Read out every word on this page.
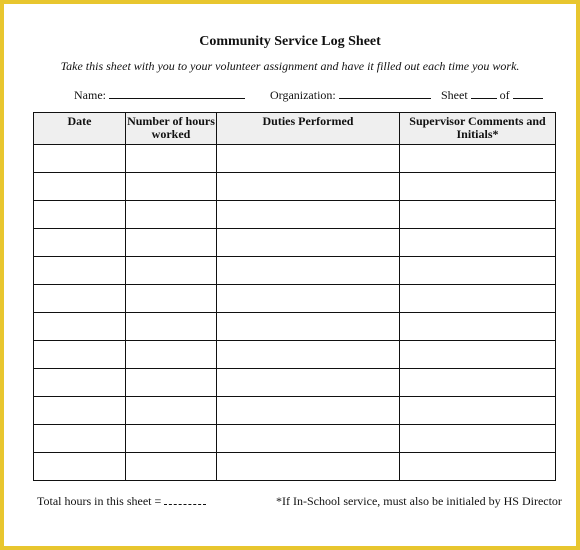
Community Service Log Sheet
Take this sheet with you to your volunteer assignment and have it filled out each time you work.
Name:	Organization:	Sheet	of
Date	Number of hours worked	Duties Performed	Supervisor Comments and Initials*

Total hours in this sheet =	*If In-School service, must also be initialed by HS Director
